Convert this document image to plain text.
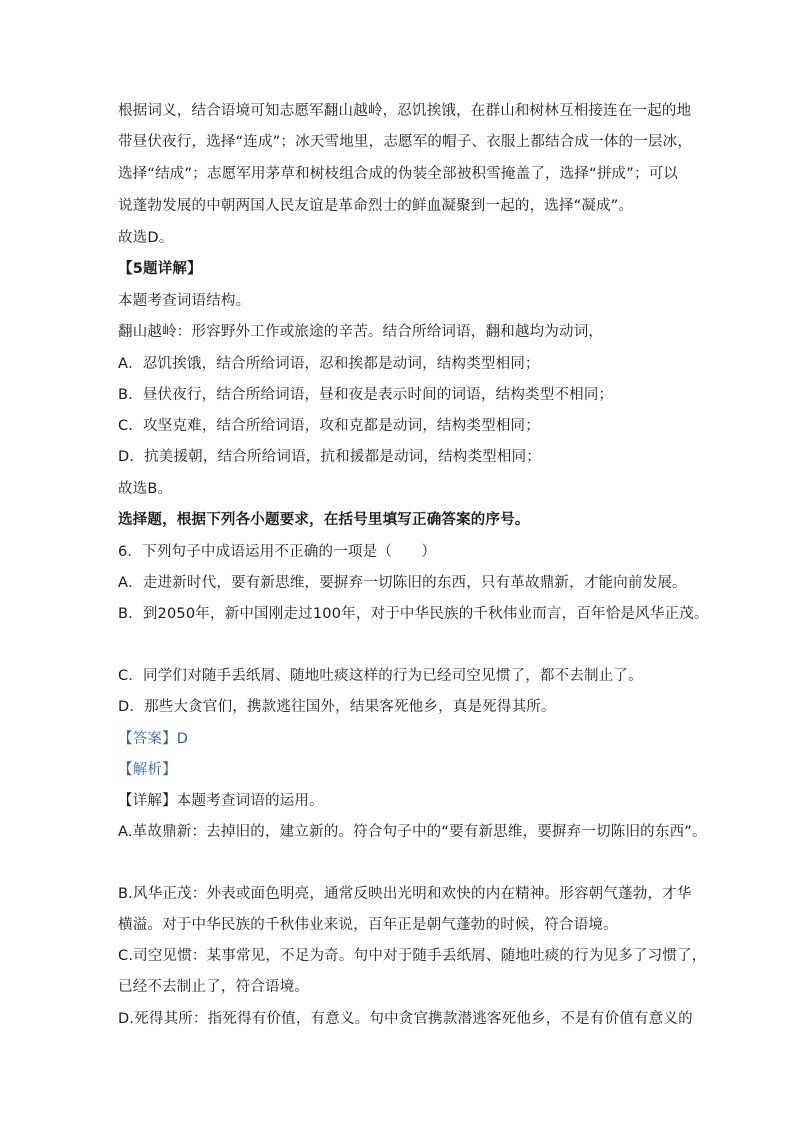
根据词义，结合语境可知志愿军翻山越岭，忍饥挨饿，在群山和树林互相接连在一起的地
带昼伏夜行，选择“连成”；冰天雪地里，志愿军的帽子、衣服上都结合成一体的一层冰，
选择“结成”；志愿军用茅草和树枝组合成的伪装全部被积雪掩盖了，选择“拼成”；可以
说蓬勃发展的中朝两国人民友谊是革命烈士的鲜血凝聚到一起的，选择“凝成”。
故选D。
【5题详解】
本题考查词语结构。
翻山越岭：形容野外工作或旅途的辛苦。结合所给词语，翻和越均为动词，
A．忍饥挨饿，结合所给词语，忍和挨都是动词，结构类型相同；
B．昼伏夜行，结合所给词语，昼和夜是表示时间的词语，结构类型不相同；
C．攻坚克难，结合所给词语，攻和克都是动词，结构类型相同；
D．抗美援朝，结合所给词语，抗和援都是动词，结构类型相同；
故选B。
选择题，根据下列各小题要求，在括号里填写正确答案的序号。
6．下列句子中成语运用不正确的一项是（　　）
A．走进新时代，要有新思维，要摒弃一切陈旧的东西，只有革故鼎新，才能向前发展。
B．到2050年，新中国刚走过100年，对于中华民族的千秋伟业而言，百年恰是风华正茂。
C．同学们对随手丢纸屑、随地吐痰这样的行为已经司空见惯了，都不去制止了。
D．那些大贪官们，携款逃往国外，结果客死他乡，真是死得其所。
【答案】D
【解析】
【详解】本题考查词语的运用。
A.革故鼎新：去掉旧的，建立新的。符合句子中的“要有新思维，要摒弃一切陈旧的东西”。
B.风华正茂：外表或面色明亮，通常反映出光明和欢快的内在精神。形容朝气蓬勃，才华
横溢。对于中华民族的千秋伟业来说，百年正是朝气蓬勃的时候，符合语境。
C.司空见惯：某事常见，不足为奇。句中对于随手丢纸屑、随地吐痰的行为见多了习惯了，
已经不去制止了，符合语境。
D.死得其所：指死得有价值，有意义。句中贪官携款潜逃客死他乡，不是有价值有意义的
